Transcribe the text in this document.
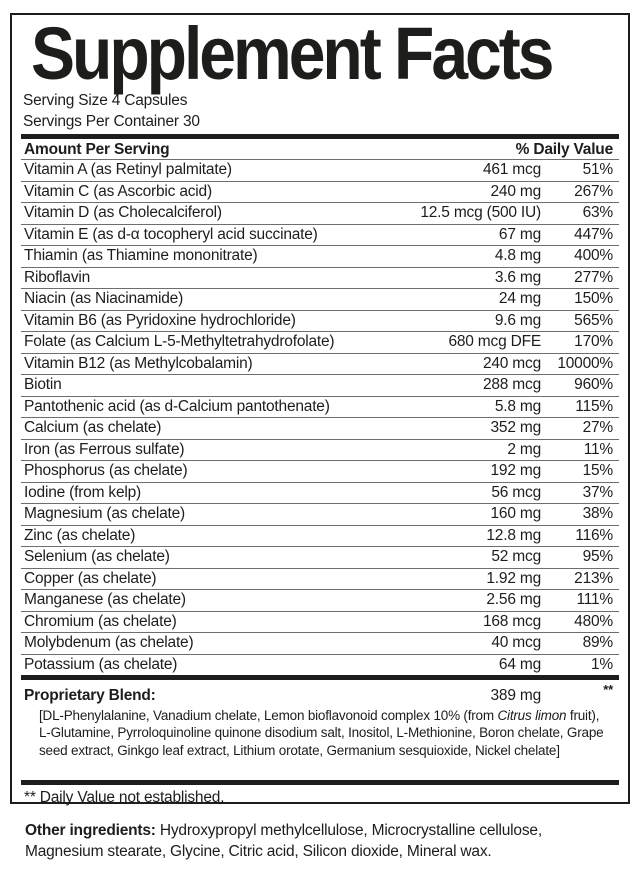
Supplement Facts
Serving Size 4 Capsules
Servings Per Container 30
Amount Per Serving	% Daily Value
Vitamin A (as Retinyl palmitate)	461 mcg	51%
Vitamin C (as Ascorbic acid)	240 mg	267%
Vitamin D (as Cholecalciferol)	12.5 mcg (500 IU)	63%
Vitamin E (as d-α tocopheryl acid succinate)	67 mg	447%
Thiamin (as Thiamine mononitrate)	4.8 mg	400%
Riboflavin	3.6 mg	277%
Niacin (as Niacinamide)	24 mg	150%
Vitamin B6 (as Pyridoxine hydrochloride)	9.6 mg	565%
Folate (as Calcium L-5-Methyltetrahydrofolate)	680 mcg DFE	170%
Vitamin B12 (as Methylcobalamin)	240 mcg	10000%
Biotin	288 mcg	960%
Pantothenic acid (as d-Calcium pantothenate)	5.8 mg	115%
Calcium (as chelate)	352 mg	27%
Iron (as Ferrous sulfate)	2 mg	11%
Phosphorus (as chelate)	192 mg	15%
Iodine (from kelp)	56 mcg	37%
Magnesium (as chelate)	160 mg	38%
Zinc (as chelate)	12.8 mg	116%
Selenium (as chelate)	52 mcg	95%
Copper (as chelate)	1.92 mg	213%
Manganese (as chelate)	2.56 mg	111%
Chromium (as chelate)	168 mcg	480%
Molybdenum (as chelate)	40 mcg	89%
Potassium (as chelate)	64 mg	1%
Proprietary Blend:	389 mg	**
[DL-Phenylalanine, Vanadium chelate, Lemon bioflavonoid complex 10% (from Citrus limon fruit), L-Glutamine, Pyrroloquinoline quinone disodium salt, Inositol, L-Methionine, Boron chelate, Grape seed extract, Ginkgo leaf extract, Lithium orotate, Germanium sesquioxide, Nickel chelate]
** Daily Value not established.
Other ingredients: Hydroxypropyl methylcellulose, Microcrystalline cellulose, Magnesium stearate, Glycine, Citric acid, Silicon dioxide, Mineral wax.
